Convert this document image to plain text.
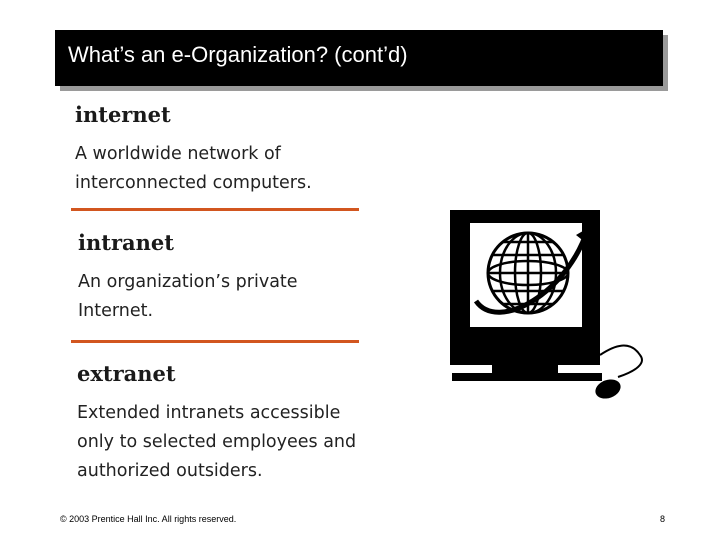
What’s an e-Organization? (cont’d)
internet
A worldwide network of interconnected computers.
intranet
An organization’s private Internet.
extranet
Extended intranets accessible only to selected employees and authorized outsiders.
© 2003 Prentice Hall Inc. All rights reserved.	8
